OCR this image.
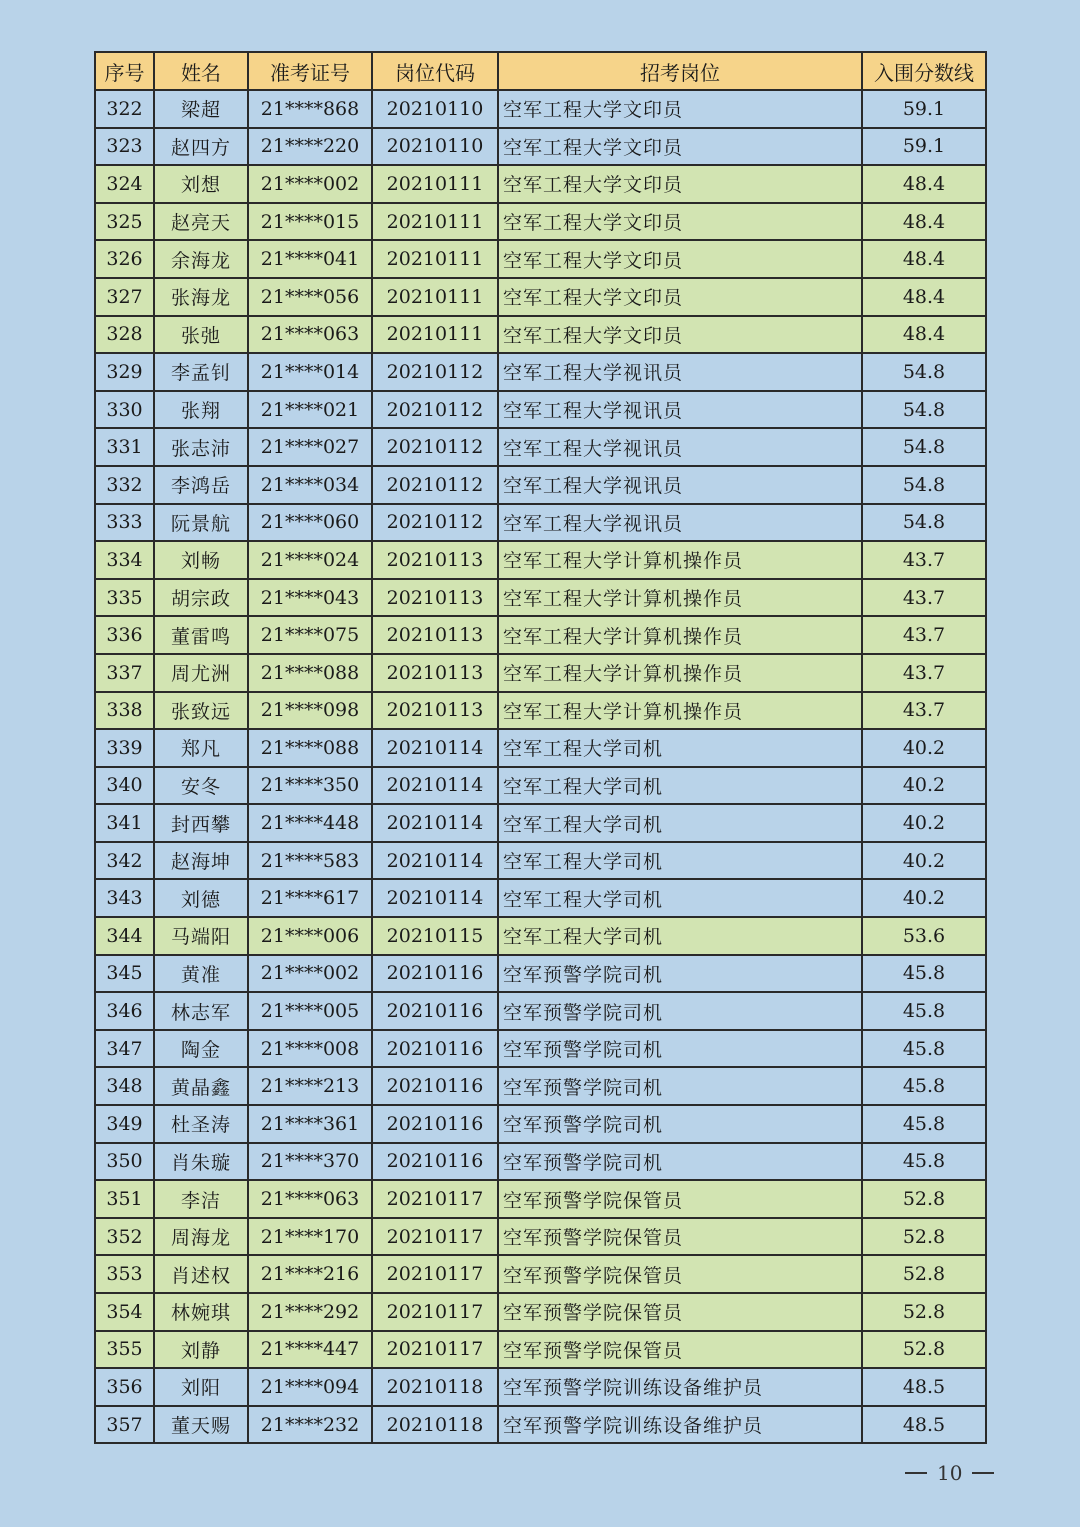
序号	姓名	准考证号	岗位代码	招考岗位	入围分数线
322	梁超	21****868	20210110	空军工程大学文印员	59.1
323	赵四方	21****220	20210110	空军工程大学文印员	59.1
324	刘想	21****002	20210111	空军工程大学文印员	48.4
325	赵亮天	21****015	20210111	空军工程大学文印员	48.4
326	余海龙	21****041	20210111	空军工程大学文印员	48.4
327	张海龙	21****056	20210111	空军工程大学文印员	48.4
328	张弛	21****063	20210111	空军工程大学文印员	48.4
329	李孟钊	21****014	20210112	空军工程大学视讯员	54.8
330	张翔	21****021	20210112	空军工程大学视讯员	54.8
331	张志沛	21****027	20210112	空军工程大学视讯员	54.8
332	李鸿岳	21****034	20210112	空军工程大学视讯员	54.8
333	阮景航	21****060	20210112	空军工程大学视讯员	54.8
334	刘畅	21****024	20210113	空军工程大学计算机操作员	43.7
335	胡宗政	21****043	20210113	空军工程大学计算机操作员	43.7
336	董雷鸣	21****075	20210113	空军工程大学计算机操作员	43.7
337	周尤洲	21****088	20210113	空军工程大学计算机操作员	43.7
338	张致远	21****098	20210113	空军工程大学计算机操作员	43.7
339	郑凡	21****088	20210114	空军工程大学司机	40.2
340	安冬	21****350	20210114	空军工程大学司机	40.2
341	封西攀	21****448	20210114	空军工程大学司机	40.2
342	赵海坤	21****583	20210114	空军工程大学司机	40.2
343	刘德	21****617	20210114	空军工程大学司机	40.2
344	马端阳	21****006	20210115	空军工程大学司机	53.6
345	黄准	21****002	20210116	空军预警学院司机	45.8
346	林志军	21****005	20210116	空军预警学院司机	45.8
347	陶金	21****008	20210116	空军预警学院司机	45.8
348	黄晶鑫	21****213	20210116	空军预警学院司机	45.8
349	杜圣涛	21****361	20210116	空军预警学院司机	45.8
350	肖朱璇	21****370	20210116	空军预警学院司机	45.8
351	李洁	21****063	20210117	空军预警学院保管员	52.8
352	周海龙	21****170	20210117	空军预警学院保管员	52.8
353	肖述权	21****216	20210117	空军预警学院保管员	52.8
354	林婉琪	21****292	20210117	空军预警学院保管员	52.8
355	刘静	21****447	20210117	空军预警学院保管员	52.8
356	刘阳	21****094	20210118	空军预警学院训练设备维护员	48.5
357	董天赐	21****232	20210118	空军预警学院训练设备维护员	48.5
10
